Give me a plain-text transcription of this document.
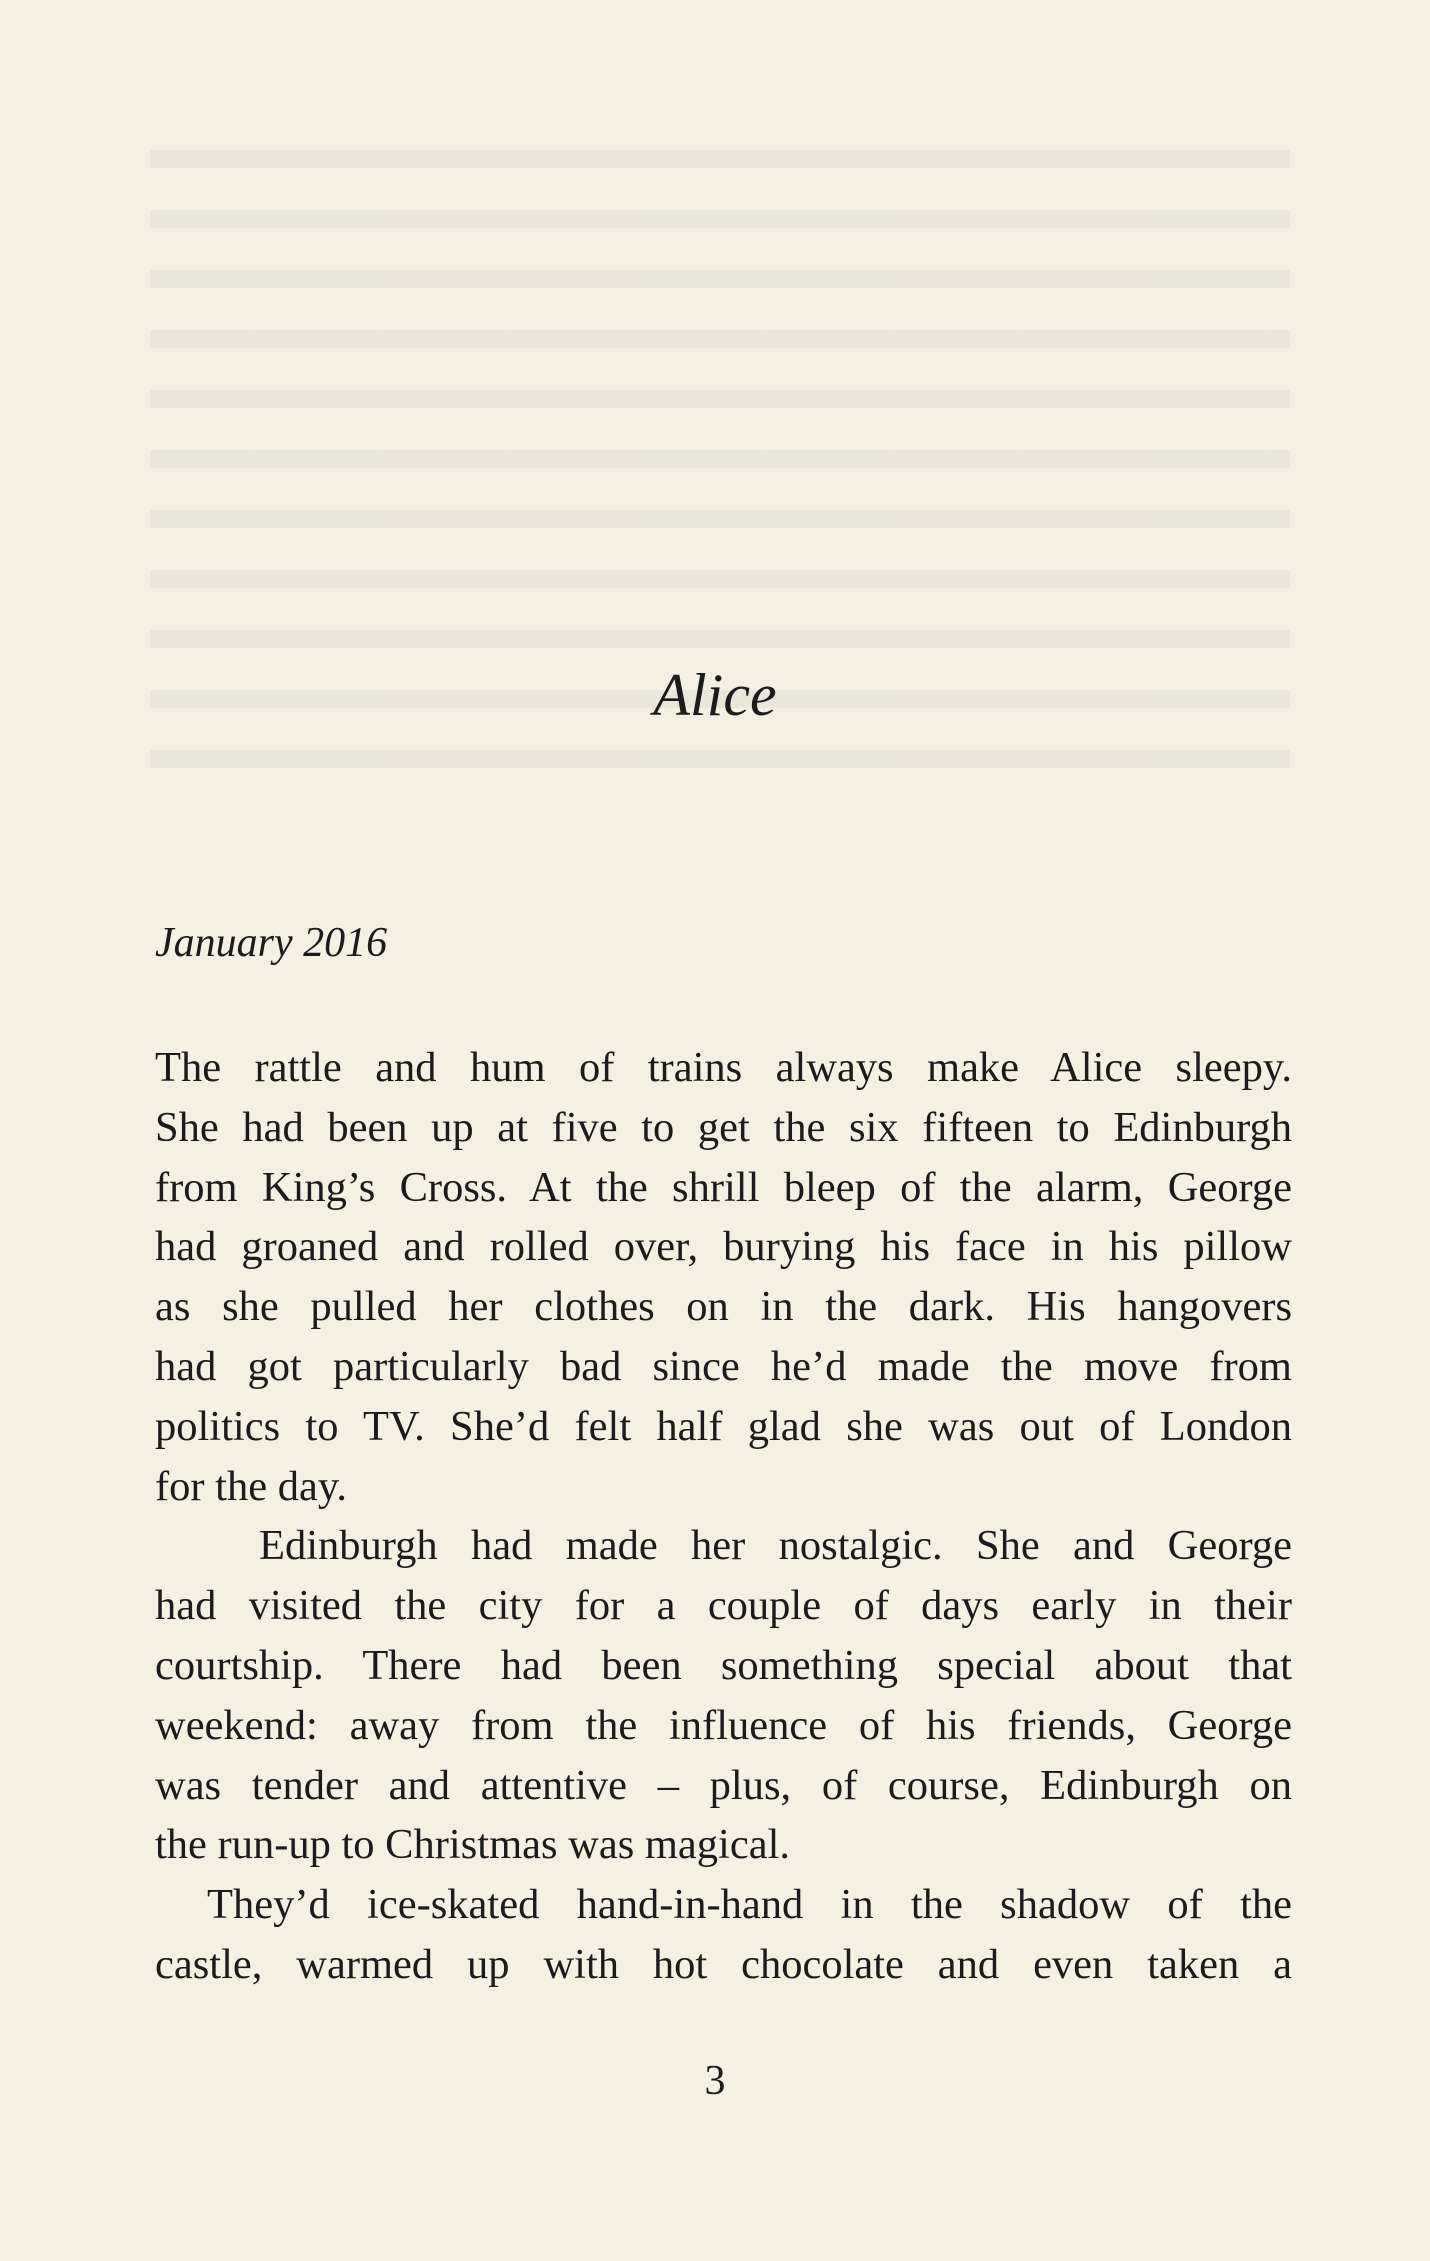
Alice
January 2016

The rattle and hum of trains always make Alice sleepy.
She had been up at five to get the six fifteen to Edinburgh
from King’s Cross. At the shrill bleep of the alarm, George
had groaned and rolled over, burying his face in his pillow
as she pulled her clothes on in the dark. His hangovers
had got particularly bad since he’d made the move from
politics to TV. She’d felt half glad she was out of London
for the day.

Edinburgh had made her nostalgic. She and George
had visited the city for a couple of days early in their
courtship. There had been something special about that
weekend: away from the influence of his friends, George
was tender and attentive – plus, of course, Edinburgh on
the run-up to Christmas was magical.

They’d ice-skated hand-in-hand in the shadow of the
castle, warmed up with hot chocolate and even taken a

3
